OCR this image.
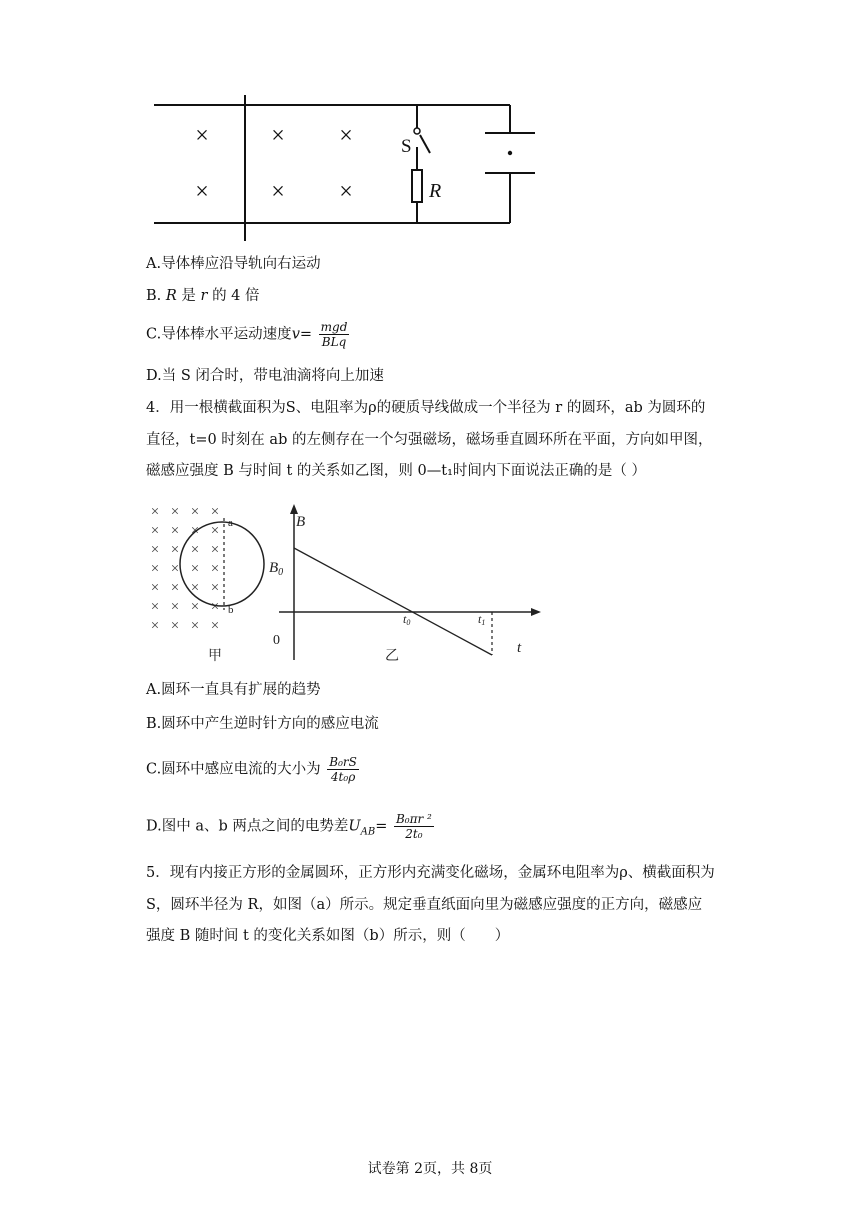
×
×
×
×
×
×
S
R
A.导体棒应沿导轨向右运动
B. R 是 r 的 4 倍
C.导体棒水平运动速度$v= \frac{\text{mgd}}{\text{BLq}}$
D.当 S 闭合时，带电油滴将向上加速
4．用一根横截面积为S、电阻率为ρ的硬质导线做成一个半径为 r 的圆环，ab 为圆环的直径，t=0 时刻在 ab 的左侧存在一个匀强磁场，磁场垂直圆环所在平面，方向如甲图，磁感应强度 B 与时间 t 的关系如乙图，则 0—t₁时间内下面说法正确的是（ ）
× × × ×
× × × ×
× × × ×
× × × ×
× × × ×
× × × ×
× × × ×
a
b
甲
B
$B_0$
0
t0	t1
t
乙
A.圆环一直具有扩展的趋势
B.圆环中产生逆时针方向的感应电流
C.圆环中感应电流的大小为 $\frac{\text{B₀rS}}{\text{4t₀ρ}}$
D.图中 a、b 两点之间的电势差$U_{AB}= \frac{\text{B₀πr ²}}{\text{2t₀}}$
5．现有内接正方形的金属圆环，正方形内充满变化磁场，金属环电阻率为ρ、横截面积为 S，圆环半径为 R，如图（a）所示。规定垂直纸面向里为磁感应强度的正方向，磁感应强度 B 随时间 t 的变化关系如图（b）所示，则（　　）
试卷第 2页，共 8页
